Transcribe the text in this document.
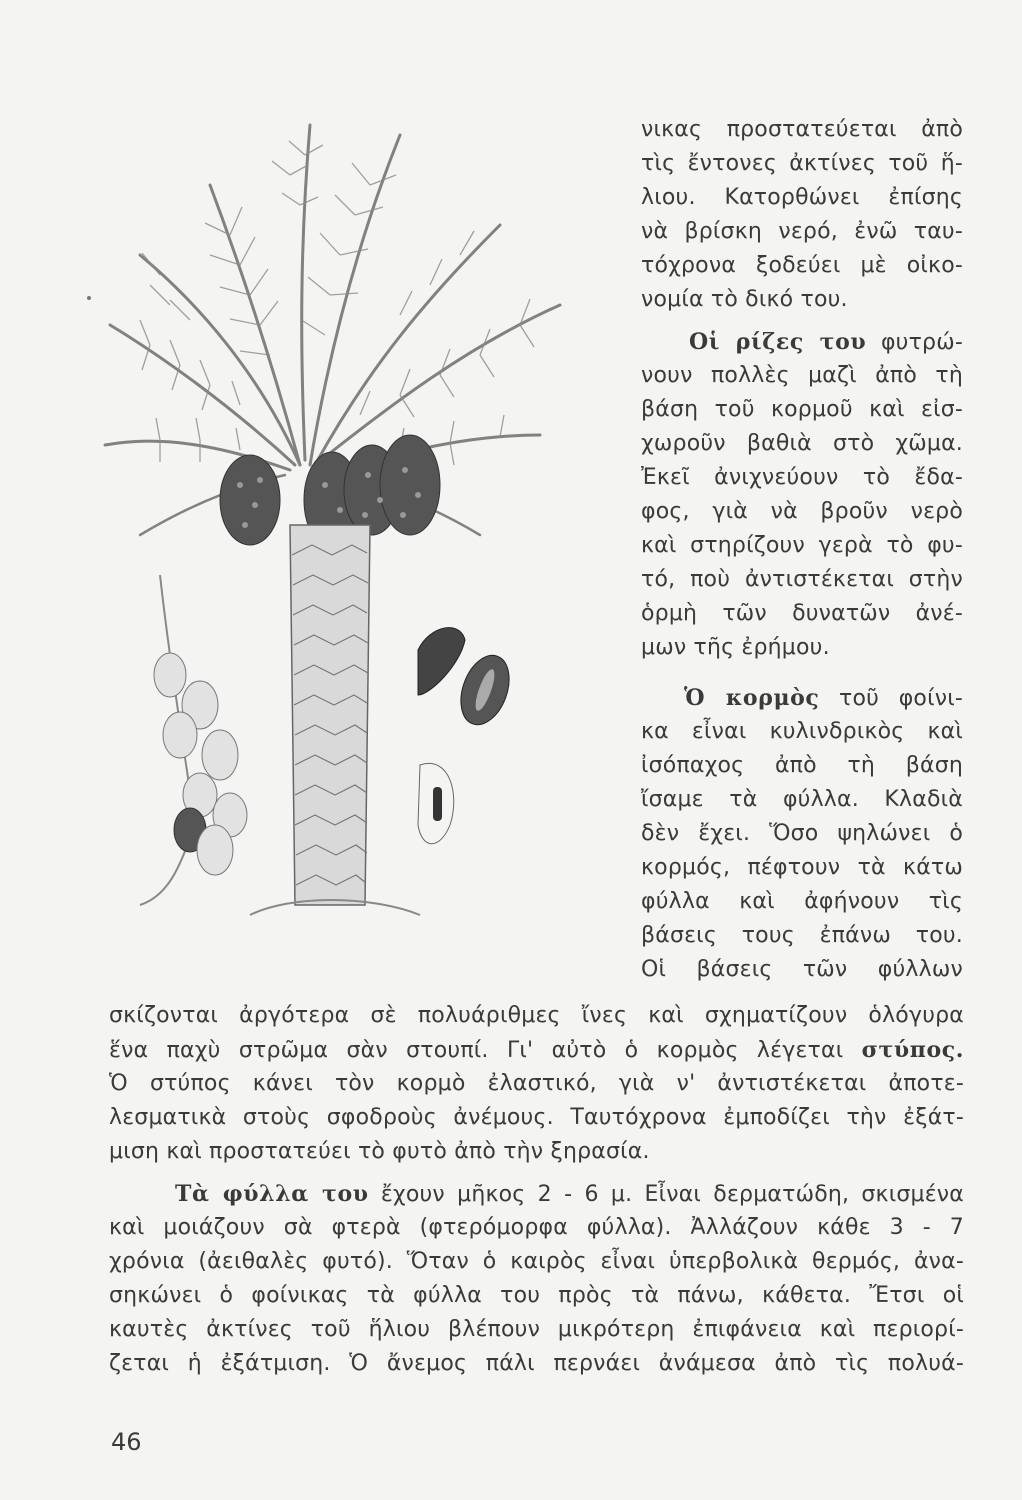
νικας προστατεύεται ἀπὸ
τὶς ἔντονες ἀκτίνες τοῦ ἥ-
λιου. Κατορθώνει ἐπίσης
νὰ βρίσκη νερό, ἐνῶ ταυ-
τόχρονα ξοδεύει μὲ οἰκο-
νομία τὸ δικό του.
Οἱ ρίζες του φυτρώ-
νουν πολλὲς μαζὶ ἀπὸ τὴ
βάση τοῦ κορμοῦ καὶ εἰσ-
χωροῦν βαθιὰ στὸ χῶμα.
Ἐκεῖ ἀνιχνεύουν τὸ ἔδα-
φος, γιὰ νὰ βροῦν νερὸ
καὶ στηρίζουν γερὰ τὸ φυ-
τό, ποὺ ἀντιστέκεται στὴν
ὁρμὴ τῶν δυνατῶν ἀνέ-
μων τῆς ἐρήμου.
Ὁ κορμὸς τοῦ φοίνι-
κα εἶναι κυλινδρικὸς καὶ
ἰσόπαχος ἀπὸ τὴ βάση
ἴσαμε τὰ φύλλα. Κλαδιὰ
δὲν ἔχει. Ὅσο ψηλώνει ὁ
κορμός, πέφτουν τὰ κάτω
φύλλα καὶ ἀφήνουν τὶς
βάσεις τους ἐπάνω του.
Οἱ βάσεις τῶν φύλλων
σκίζονται ἀργότερα σὲ πολυάριθμες ἴνες καὶ σχηματίζουν ὁλόγυρα
ἕνα παχὺ στρῶμα σὰν στουπί. Γι' αὐτὸ ὁ κορμὸς λέγεται στύπος.
Ὁ στύπος κάνει τὸν κορμὸ ἐλαστικό, γιὰ ν' ἀντιστέκεται ἀποτε-
λεσματικὰ στοὺς σφοδροὺς ἀνέμους. Ταυτόχρονα ἐμποδίζει τὴν ἐξάτ-
μιση καὶ προστατεύει τὸ φυτὸ ἀπὸ τὴν ξηρασία.
Τὰ φύλλα του ἔχουν μῆκος 2 - 6 μ. Εἶναι δερματώδη, σκισμένα
καὶ μοιάζουν σὰ φτερὰ (φτερόμορφα φύλλα). Ἀλλάζουν κάθε 3 - 7
χρόνια (ἀειθαλὲς φυτό). Ὅταν ὁ καιρὸς εἶναι ὑπερβολικὰ θερμός, ἀνα-
σηκώνει ὁ φοίνικας τὰ φύλλα του πρὸς τὰ πάνω, κάθετα. Ἔτσι οἱ
καυτὲς ἀκτίνες τοῦ ἥλιου βλέπουν μικρότερη ἐπιφάνεια καὶ περιορί-
ζεται ἡ ἐξάτμιση. Ὁ ἄνεμος πάλι περνάει ἀνάμεσα ἀπὸ τὶς πολυά-
46
